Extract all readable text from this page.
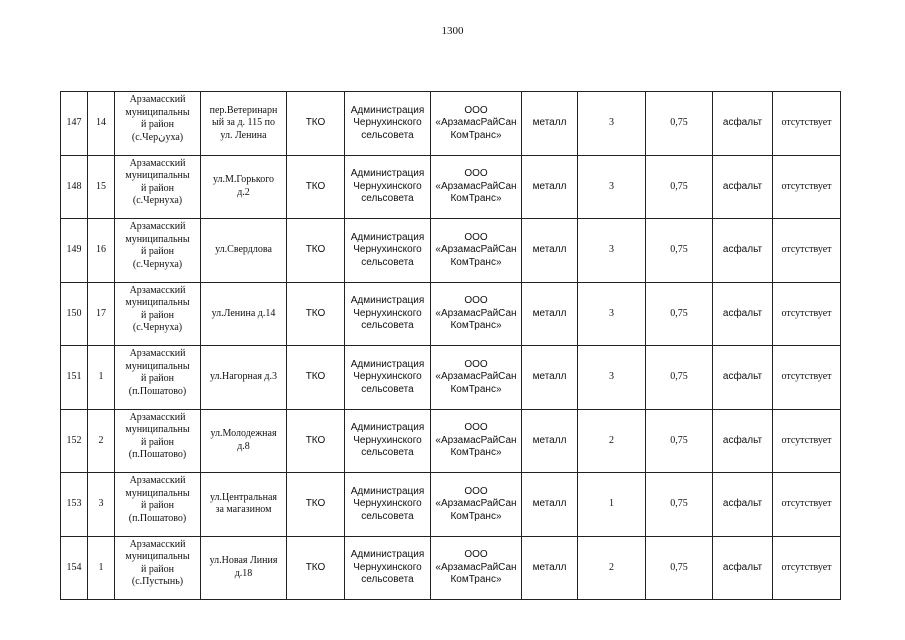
1300
147	14	Арзамасский
муниципальны
й район
(с.Черنуха)	пер.Ветеринарн
ый за д. 115 по
ул. Ленина	ТКО	Администрация
Чернухинского
сельсовета	ООО
«АрзамасРайСан
КомТранс»	металл	3	0,75	асфальт	отсутствует
148	15	Арзамасский
муниципальны
й район
(с.Чернуха)	ул.М.Горького
д.2	ТКО	Администрация
Чернухинского
сельсовета	ООО
«АрзамасРайСан
КомТранс»	металл	3	0,75	асфальт	отсутствует
149	16	Арзамасский
муниципальны
й район
(с.Чернуха)	ул.Свердлова	ТКО	Администрация
Чернухинского
сельсовета	ООО
«АрзамасРайСан
КомТранс»	металл	3	0,75	асфальт	отсутствует
150	17	Арзамасский
муниципальны
й район
(с.Чернуха)	ул.Ленина д.14	ТКО	Администрация
Чернухинского
сельсовета	ООО
«АрзамасРайСан
КомТранс»	металл	3	0,75	асфальт	отсутствует
151	1	Арзамасский
муниципальны
й район
(п.Пошатово)	ул.Нагорная д.3	ТКО	Администрация
Чернухинского
сельсовета	ООО
«АрзамасРайСан
КомТранс»	металл	3	0,75	асфальт	отсутствует
152	2	Арзамасский
муниципальны
й район
(п.Пошатово)	ул.Молодежная
д.8	ТКО	Администрация
Чернухинского
сельсовета	ООО
«АрзамасРайСан
КомТранс»	металл	2	0,75	асфальт	отсутствует
153	3	Арзамасский
муниципальны
й район
(п.Пошатово)	ул.Центральная
за магазином	ТКО	Администрация
Чернухинского
сельсовета	ООО
«АрзамасРайСан
КомТранс»	металл	1	0,75	асфальт	отсутствует
154	1	Арзамасский
муниципальны
й район
(с.Пустынь)	ул.Новая Линия
д.18	ТКО	Администрация
Чернухинского
сельсовета	ООО
«АрзамасРайСан
КомТранс»	металл	2	0,75	асфальт	отсутствует
